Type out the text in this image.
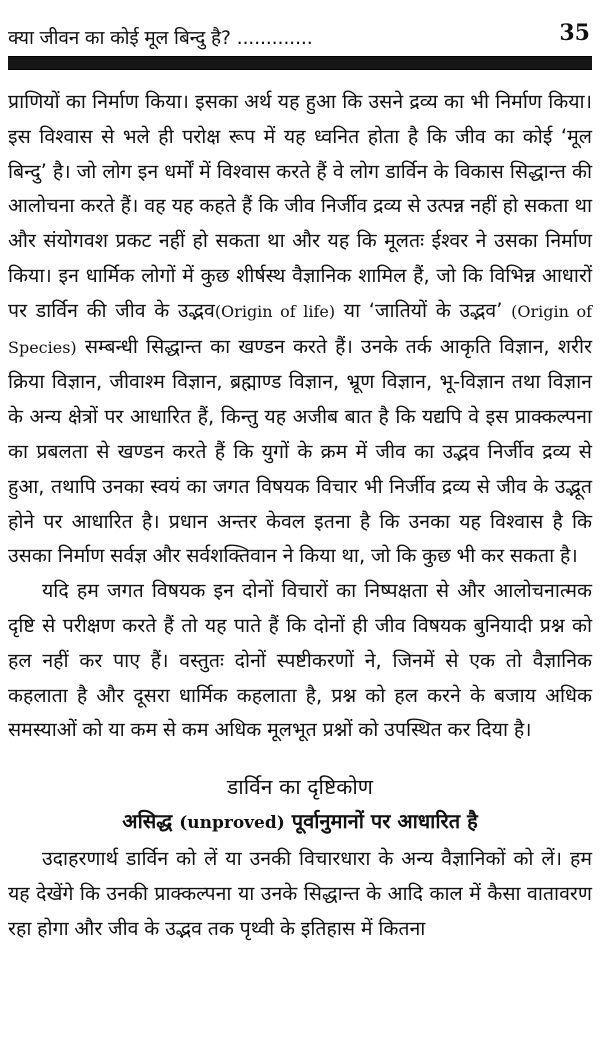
क्या जीवन का कोई मूल बिन्दु है? .............	35

प्राणियों का निर्माण किया। इसका अर्थ यह हुआ कि उसने द्रव्य का भी निर्माण किया। इस विश्वास से भले ही परोक्ष रूप में यह ध्वनित होता है कि जीव का कोई ‘मूल बिन्दु’ है। जो लोग इन धर्मों में विश्वास करते हैं वे लोग डार्विन के विकास सिद्धान्त की आलोचना करते हैं। वह यह कहते हैं कि जीव निर्जीव द्रव्य से उत्पन्न नहीं हो सकता था और संयोगवश प्रकट नहीं हो सकता था और यह कि मूलतः ईश्वर ने उसका निर्माण किया। इन धार्मिक लोगों में कुछ शीर्षस्थ वैज्ञानिक शामिल हैं, जो कि विभिन्न आधारों पर डार्विन की जीव के उद्भव(Origin of life) या ‘जातियों के उद्भव’ (Origin of Species) सम्बन्धी सिद्धान्त का खण्डन करते हैं। उनके तर्क आकृति विज्ञान, शरीर क्रिया विज्ञान, जीवाश्म विज्ञान, ब्रह्माण्ड विज्ञान, भ्रूण विज्ञान, भू-विज्ञान तथा विज्ञान के अन्य क्षेत्रों पर आधारित हैं, किन्तु यह अजीब बात है कि यद्यपि वे इस प्राक्कल्पना का प्रबलता से खण्डन करते हैं कि युगों के क्रम में जीव का उद्भव निर्जीव द्रव्य से हुआ, तथापि उनका स्वयं का जगत विषयक विचार भी निर्जीव द्रव्य से जीव के उद्भूत होने पर आधारित है। प्रधान अन्तर केवल इतना है कि उनका यह विश्वास है कि उसका निर्माण सर्वज्ञ और सर्वशक्तिवान ने किया था, जो कि कुछ भी कर सकता है।

यदि हम जगत विषयक इन दोनों विचारों का निष्पक्षता से और आलोचनात्मक दृष्टि से परीक्षण करते हैं तो यह पाते हैं कि दोनों ही जीव विषयक बुनियादी प्रश्न को हल नहीं कर पाए हैं। वस्तुतः दोनों स्पष्टीकरणों ने, जिनमें से एक तो वैज्ञानिक कहलाता है और दूसरा धार्मिक कहलाता है, प्रश्न को हल करने के बजाय अधिक समस्याओं को या कम से कम अधिक मूलभूत प्रश्नों को उपस्थित कर दिया है।

डार्विन का दृष्टिकोण

असिद्ध (unproved) पूर्वानुमानों पर आधारित है

उदाहरणार्थ डार्विन को लें या उनकी विचारधारा के अन्य वैज्ञानिकों को लें। हम यह देखेंगे कि उनकी प्राक्कल्पना या उनके सिद्धान्त के आदि काल में कैसा वातावरण रहा होगा और जीव के उद्भव तक पृथ्वी के इतिहास में कितना
